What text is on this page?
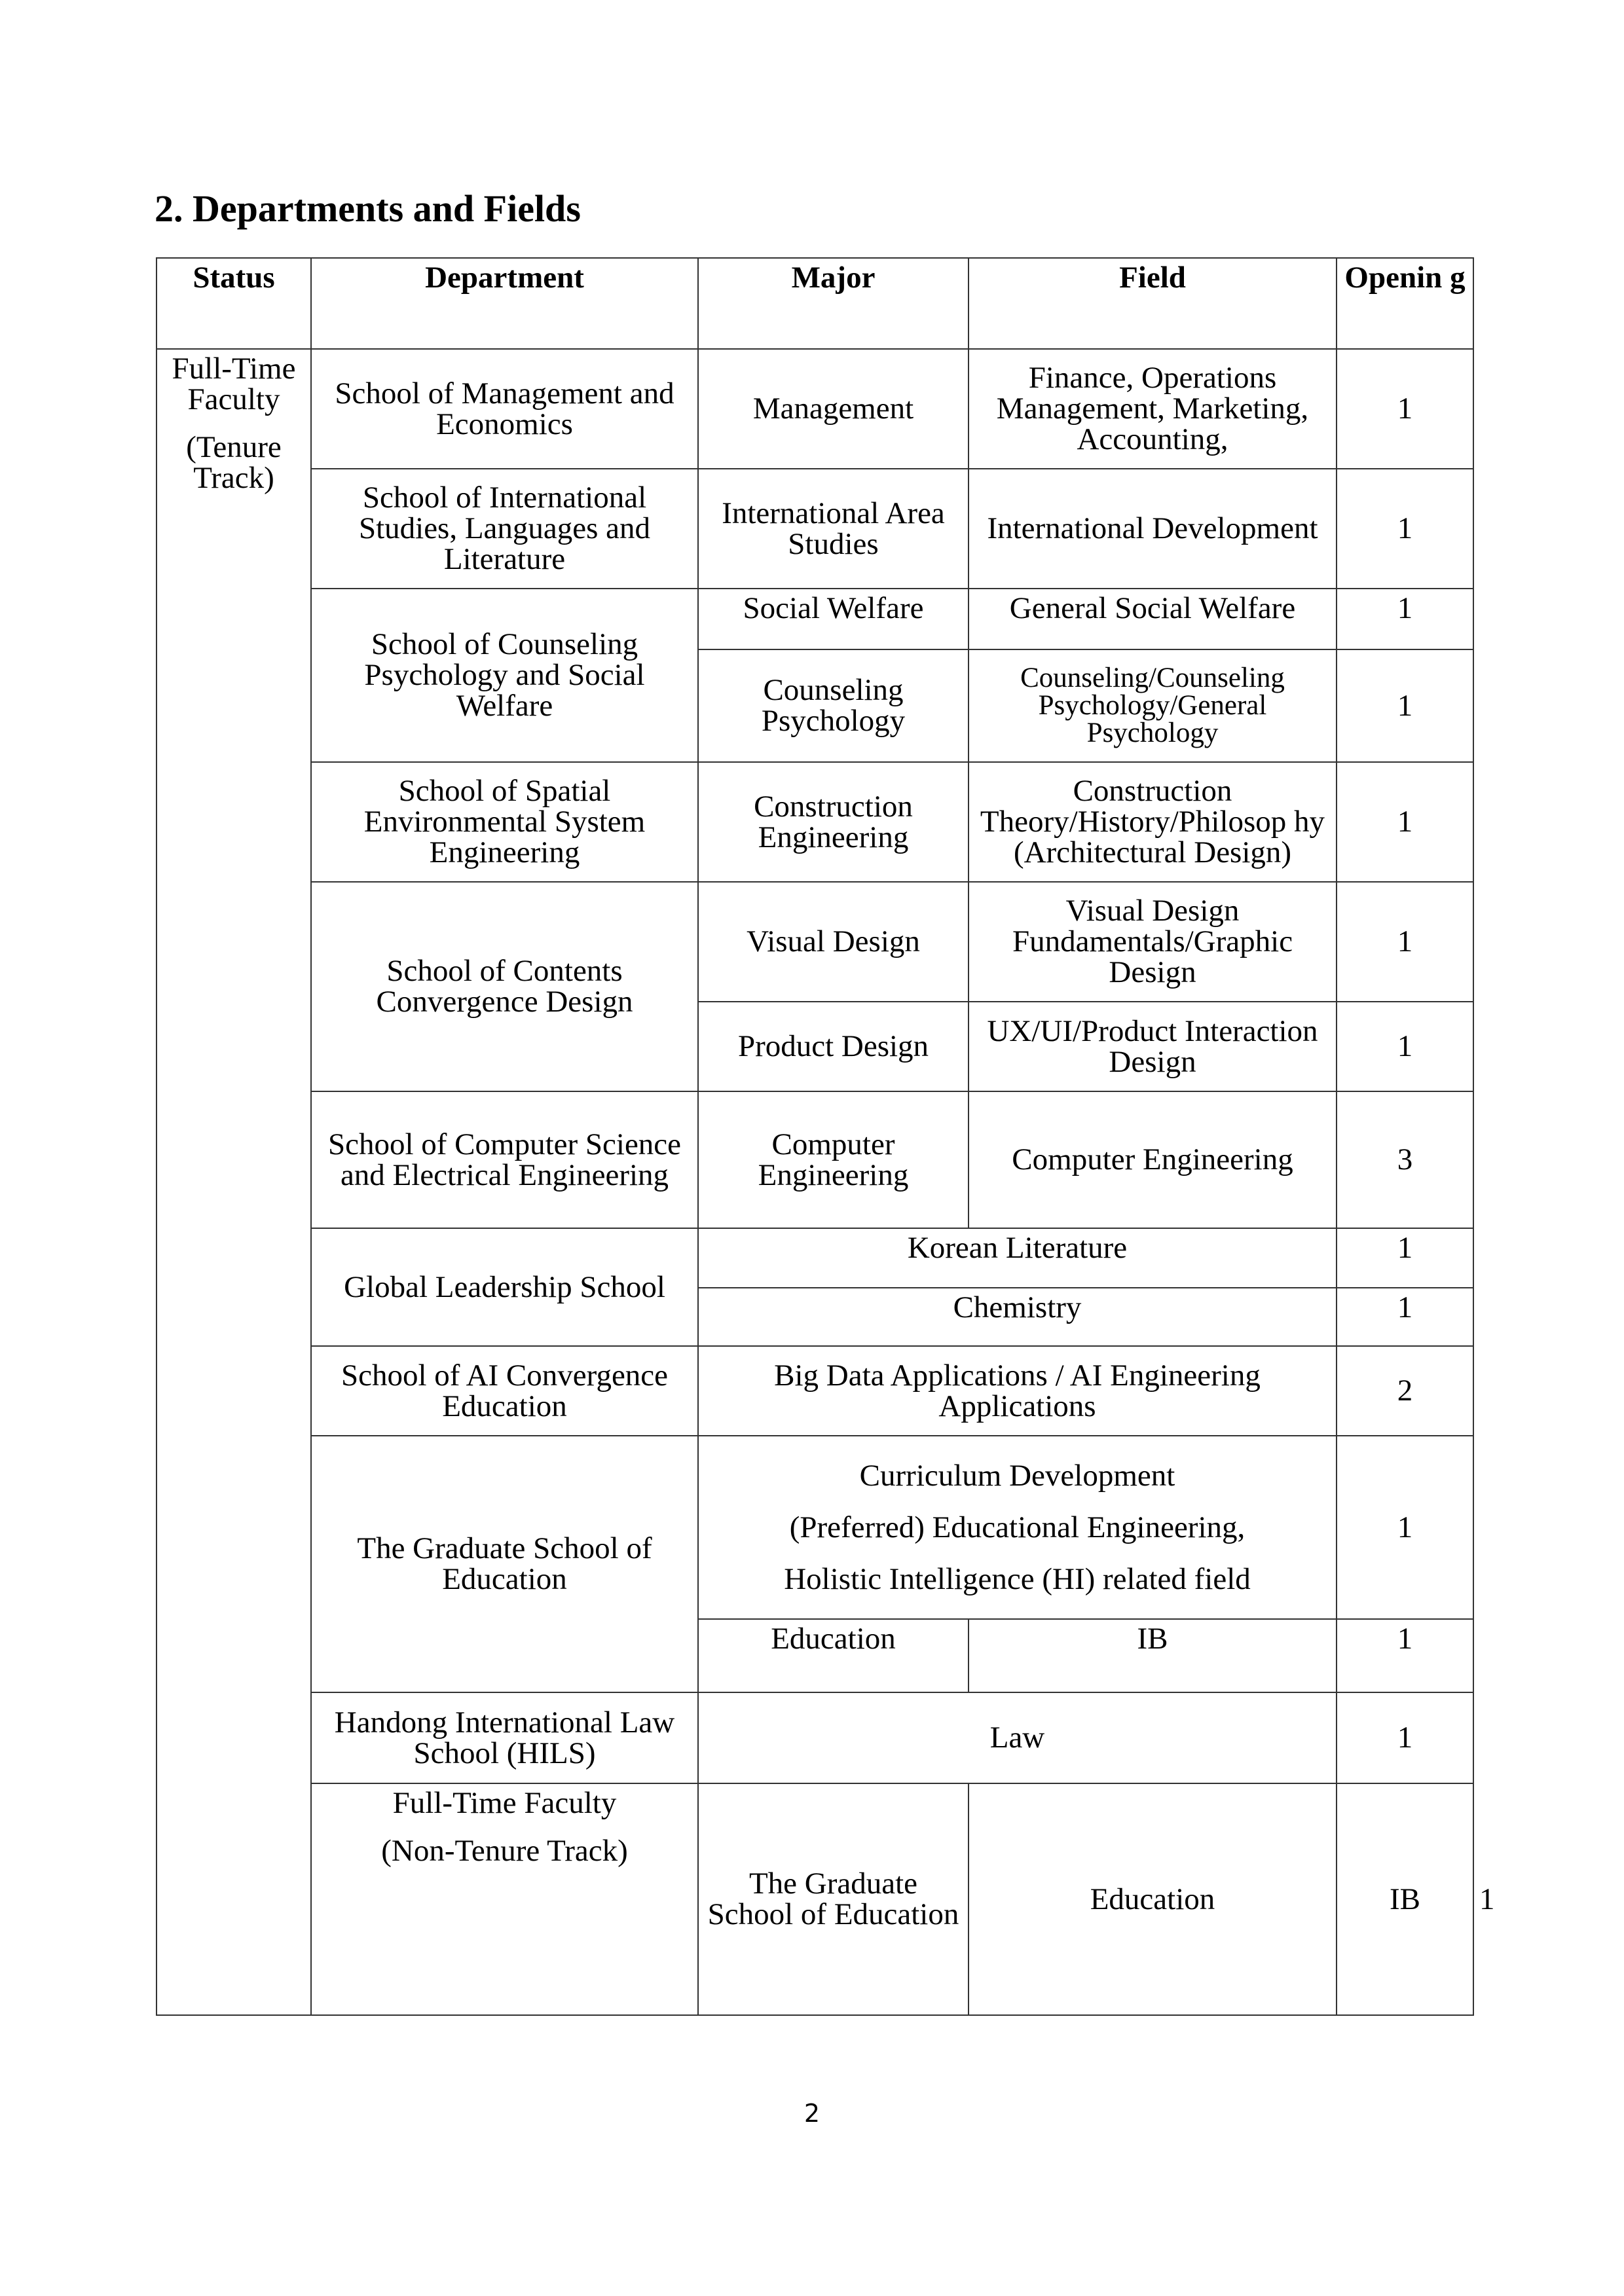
2. Departments and Fields
Status	Department	Major	Field	Openin g	

Full-Time Faculty
(Tenure Track)	School of Management and Economics	Management	Finance, Operations Management, Marketing, Accounting,	1	
	School of International Studies, Languages and Literature	International Area Studies	International Development	1	
	School of Counseling Psychology and Social Welfare	Social Welfare	General Social Welfare	1	
		Counseling Psychology	Counseling/Counseling Psychology/General Psychology	1	
	School of Spatial Environmental System Engineering	Construction Engineering	Construction Theory/History/Philosop hy (Architectural Design)	1	
	School of Contents Convergence Design	Visual Design	Visual Design Fundamentals/Graphic Design	1	
		Product Design	UX/UI/Product Interaction Design	1	
	School of Computer Science and Electrical Engineering	Computer Engineering	Computer Engineering	3	
	Global Leadership School	Korean Literature		1	
		Chemistry		1	
	School of AI Convergence Education	Big Data Applications / AI Engineering Applications		2	
	The Graduate School of Education	Curriculum Development
(Preferred) Educational Engineering,
Holistic Intelligence (HI) related field		1	
		Education	IB	1	
	Handong International Law School (HILS)	Law		1	

	Full-Time Faculty
(Non-Tenure Track)	The Graduate School of Education	Education	IB	1
2
